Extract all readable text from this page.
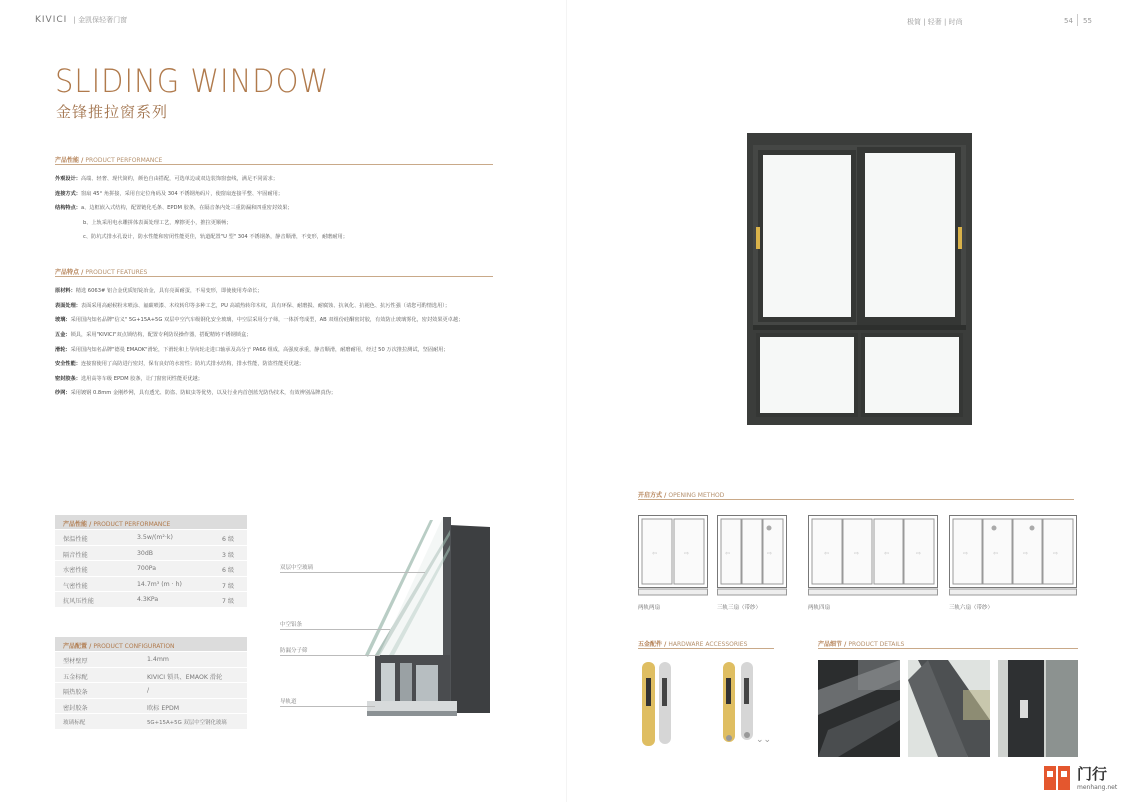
KIVICI | 金凯保轻奢门窗	极简 | 轻奢 | 时尚	54 55
SLIDING WINDOW
金锋推拉窗系列
产品性能 / PRODUCT PERFORMANCE
外观设计：高端、轻奢、现代简约，颜色自由搭配，可选单边或双边装饰窗套线，满足不同需求；
连接方式：窗扇 45° 角拼接，采用自定位角码及 304 不锈钢角码片，使窗扇连接平整、牢固耐用；
结构特点：a、边框嵌入式结构，配置链化毛条、EPDM 胶条，在隔音条内处三重防漏和四重密封效果；
b、上轨采用电水雕拼体表面处理工艺，摩擦更小，推拉更顺畅；
c、防坑式排水孔设计，防水性能和密闭性能更佳，轨道配置"U 型" 304 不锈钢条，静音顺滑，不变形，耐磨耐用；
产品特点 / PRODUCT FEATURES
原材料：精选 6063# 铝合金优质铝锭冶金，具有亮面耐蛋，不易变形，即使使用寿命长；
表面处理：表面采用高耐候粉末喷涂、氟碳喷漆、木纹转印等多种工艺，PU 高端热转印木纹，具有环保、耐磨损、耐腐蚀、抗氧化、抗褪色、抗污性强（请您可酌情选用）；
玻璃：采用国内知名品牌"信义" 5G+15A+5G 双层中空汽车级钢化安全玻璃，中空层采用分子筛，一体折弯成型，AB 双组份硅酮密封胶，有效防止玻璃雾化，密封效果更卓越；
五金：锁具，采用"KIVICI"双点锁结构，配置专利防误操作器，搭配精铸不锈钢锁盒；
滑轮：采用国内知名品牌"德曼 EMAOK"滑轮，下滑轮和上导向轮走进口轴承及高分子 PA66 组成，高强度承重，静音顺滑，耐磨耐用，经过 50 万次推拉测试，坚固耐用；
安全性能：连接窗使用了高防进行密封，保有良好的水密性；防坑式排水结构，排水性能，防盗性能更优越；
密封胶条：选用高等车级 EPDM 胶条，让门窗密闭性能更优越；
纱网：采用镀钢 0.8mm 金刚纱网，具有透光、防盗、防蚊虫等优势，以及行业内首创蓝光防伪技术，有效辨别品牌真伪；
产品性能 / PRODUCT PERFORMANCE
保温性能	3.5w/(m²·k)	6 级
隔音性能	30dB	3 级
水密性能	700Pa	6 级
气密性能	14.7m³ (m · h)	7 级
抗风压性能	4.3KPa	7 级
产品配置 / PRODUCT CONFIGURATION
型材壁厚	1.4mm
五金标配	KIVICI 锁具、EMAOK 滑轮
隔热胶条	/
密封胶条	欧标 EPDM
玻璃标配	5G+15A+5G 双层中空钢化玻璃
双层中空玻璃
中空铝条
防漏分子筛
导轨道
开启方式 / OPENING METHOD
⇦	⇨
两轨两扇
⇦	⇨
三轨三扇（带纱）
⇦	⇨	⇦	⇨
两轨四扇
⇨	⇦	⇨	⇨
三轨六扇（带纱）
五金配件 / HARDWARE ACCESSORIES
⌄⌄
产品细节 / PRODUCT DETAILS
门行
menhang.net
